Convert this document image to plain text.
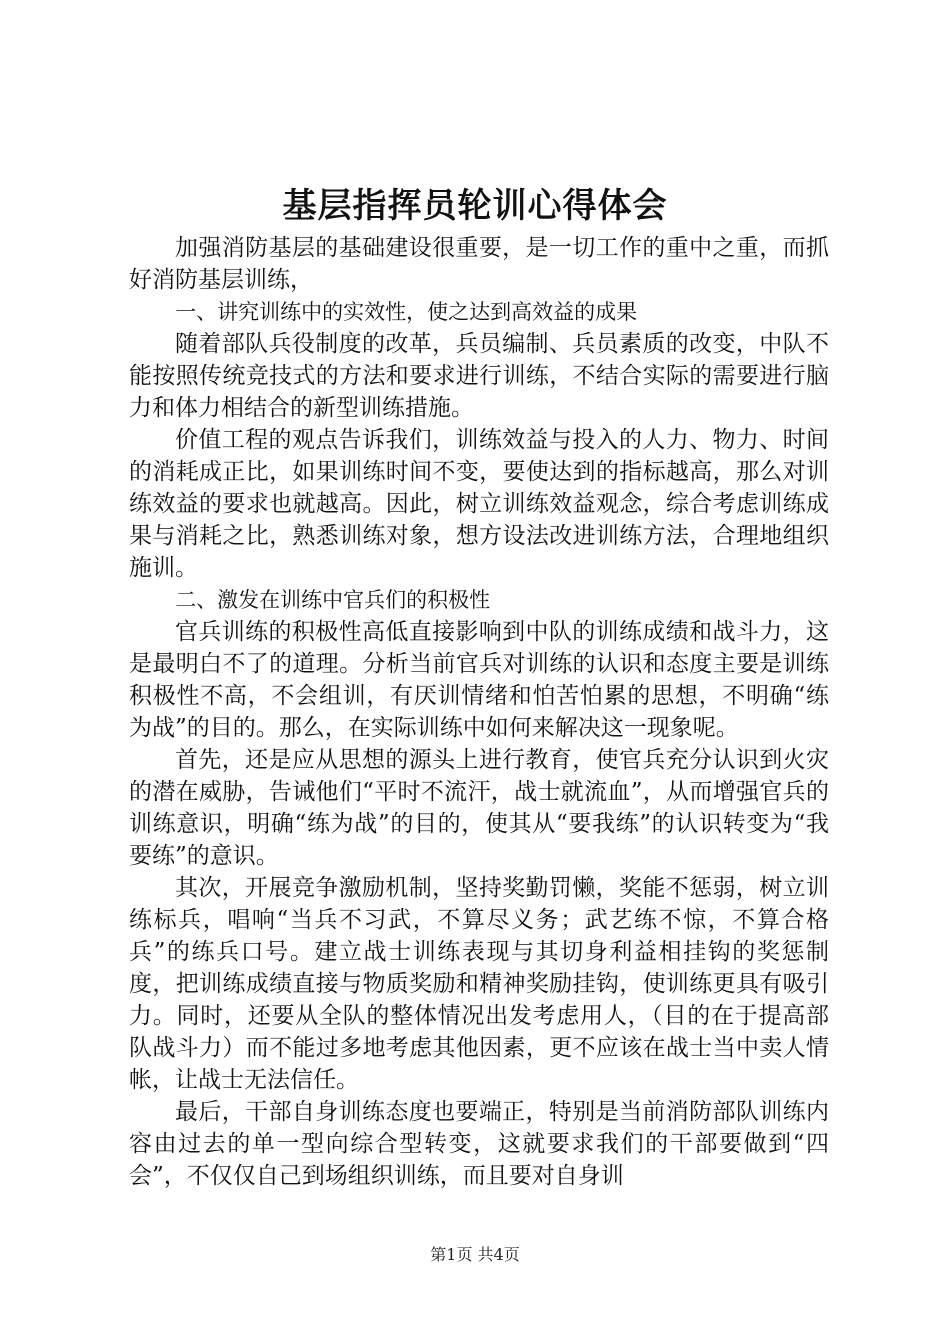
基层指挥员轮训心得体会

加强消防基层的基础建设很重要，是一切工作的重中之重，而抓好消防基层训练，

一、讲究训练中的实效性，使之达到高效益的成果

随着部队兵役制度的改革，兵员编制、兵员素质的改变，中队不能按照传统竞技式的方法和要求进行训练，不结合实际的需要进行脑力和体力相结合的新型训练措施。

价值工程的观点告诉我们，训练效益与投入的人力、物力、时间的消耗成正比，如果训练时间不变，要使达到的指标越高，那么对训练效益的要求也就越高。因此，树立训练效益观念，综合考虑训练成果与消耗之比，熟悉训练对象，想方设法改进训练方法，合理地组织施训。

二、激发在训练中官兵们的积极性

官兵训练的积极性高低直接影响到中队的训练成绩和战斗力，这是最明白不了的道理。分析当前官兵对训练的认识和态度主要是训练积极性不高，不会组训，有厌训情绪和怕苦怕累的思想，不明确“练为战”的目的。那么，在实际训练中如何来解决这一现象呢。

首先，还是应从思想的源头上进行教育，使官兵充分认识到火灾的潜在威胁，告诫他们“平时不流汗，战士就流血”，从而增强官兵的训练意识，明确“练为战”的目的，使其从“要我练”的认识转变为“我要练”的意识。

其次，开展竞争激励机制，坚持奖勤罚懒，奖能不惩弱，树立训练标兵，唱响“当兵不习武，不算尽义务；武艺练不惊，不算合格兵”的练兵口号。建立战士训练表现与其切身利益相挂钩的奖惩制度，把训练成绩直接与物质奖励和精神奖励挂钩，使训练更具有吸引力。同时，还要从全队的整体情况出发考虑用人，（目的在于提高部队战斗力）而不能过多地考虑其他因素，更不应该在战士当中卖人情帐，让战士无法信任。

最后，干部自身训练态度也要端正，特别是当前消防部队训练内容由过去的单一型向综合型转变，这就要求我们的干部要做到“四会”，不仅仅自己到场组织训练，而且要对自身训

第1页 共4页
